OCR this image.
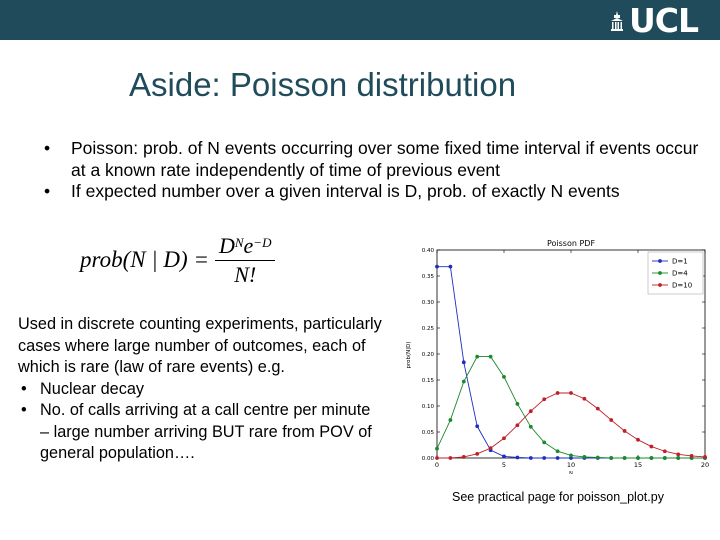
UCL
Aside: Poisson distribution
• Poisson: prob. of N events occurring over some fixed time interval if events occur at a known rate independently of time of previous event
• If expected number over a given interval is D, prob. of exactly N events
prob(N | $D) = \frac{D^Ne^{-D}}{N!}$

Used in discrete counting experiments, particularly cases where large number of outcomes, each of which is rare (law of rare events) e.g.

• Nuclear decay
• No. of calls arriving at a call centre per minute – large number arriving BUT rare from POV of general population….
Poisson PDF
prob(N|D)
N
0.00
0.05
0.10
0.15
0.20
0.25
0.30
0.35
0.40
0	5	10	15	20
D=1
D=4
D=10
See practical page for poisson_plot.py
